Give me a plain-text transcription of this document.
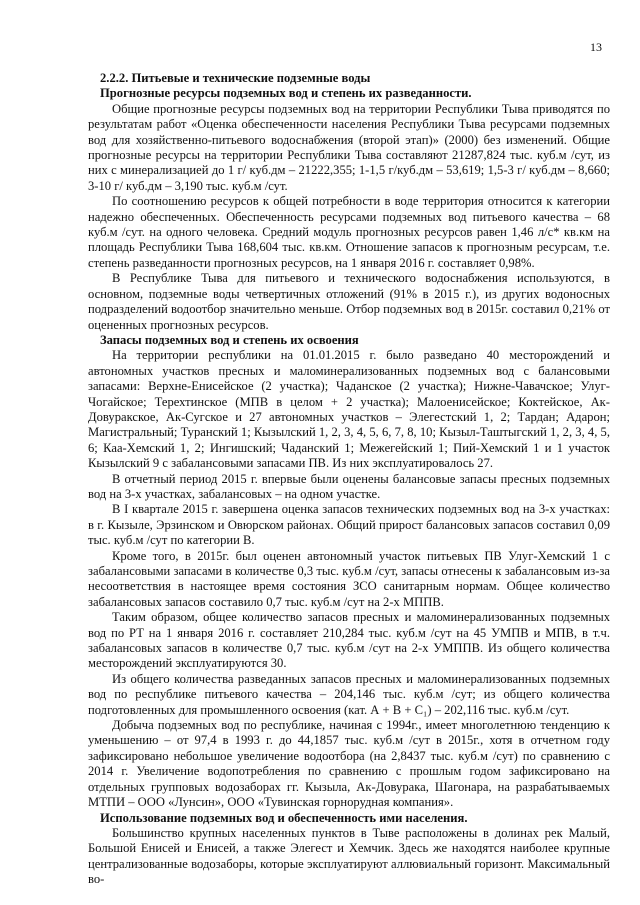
13
2.2.2. Питьевые и технические подземные воды
Прогнозные ресурсы подземных вод и степень их разведанности.

Общие прогнозные ресурсы подземных вод на территории Республики Тыва приводятся по результатам работ «Оценка обеспеченности населения Республики Тыва ресурсами подземных вод для хозяйственно-питьевого водоснабжения (второй этап)» (2000) без изменений. Общие прогнозные ресурсы на территории Республики Тыва составляют 21287,824 тыс. куб.м /сут, из них с минерализацией до 1 г/ куб.дм – 21222,355; 1-1,5 г/куб.дм – 53,619; 1,5-3 г/ куб.дм – 8,660; 3-10 г/ куб.дм – 3,190 тыс. куб.м /сут.

По соотношению ресурсов к общей потребности в воде территория относится к категории надежно обеспеченных. Обеспеченность ресурсами подземных вод питьевого качества – 68 куб.м /сут. на одного человека. Средний модуль прогнозных ресурсов равен 1,46 л/с* кв.км на площадь Республики Тыва 168,604 тыс. кв.км. Отношение запасов к прогнозным ресурсам, т.е. степень разведанности прогнозных ресурсов, на 1 января 2016 г. составляет 0,98%.

В Республике Тыва для питьевого и технического водоснабжения используются, в основном, подземные воды четвертичных отложений (91% в 2015 г.), из других водоносных подразделений водоотбор значительно меньше. Отбор подземных вод в 2015г. составил 0,21% от оцененных прогнозных ресурсов.

Запасы подземных вод и степень их освоения

На территории республики на 01.01.2015 г. было разведано 40 месторождений и автономных участков пресных и маломинерализованных подземных вод с балансовыми запасами: Верхне-Енисейское (2 участка); Чаданское (2 участка); Нижне-Чавачское; Улуг-Чогайское; Терехтинское (МПВ в целом + 2 участка); Малоенисейское; Коктейское, Ак-Довуракское, Ак-Сугское и 27 автономных участков – Элегестский 1, 2; Тардан; Адарон; Магистральный; Туранский 1; Кызылский 1, 2, 3, 4, 5, 6, 7, 8, 10; Кызыл-Таштыгский 1, 2, 3, 4, 5, 6; Каа-Хемский 1, 2; Ингишский; Чаданский 1; Межегейский 1; Пий-Хемский 1 и 1 участок Кызылский 9 с забалансовыми запасами ПВ. Из них эксплуатировалось 27.

В отчетный период 2015 г. впервые были оценены балансовые запасы пресных подземных вод на 3-х участках, забалансовых – на одном участке.

В I квартале 2015 г. завершена оценка запасов технических подземных вод на 3-х участках: в г. Кызыле, Эрзинском и Овюрском районах. Общий прирост балансовых запасов составил 0,09 тыс. куб.м /сут по категории В.

Кроме того, в 2015г. был оценен автономный участок питьевых ПВ Улуг-Хемский 1 с забалансовыми запасами в количестве 0,3 тыс. куб.м /сут, запасы отнесены к забалансовым из-за несоответствия в настоящее время состояния ЗСО санитарным нормам. Общее количество забалансовых запасов составило 0,7 тыс. куб.м /сут на 2-х МППВ.

Таким образом, общее количество запасов пресных и маломинерализованных подземных вод по РТ на 1 января 2016 г. составляет 210,284 тыс. куб.м /сут на 45 УМПВ и МПВ, в т.ч. забалансовых запасов в количестве 0,7 тыс. куб.м /сут на 2-х УМППВ. Из общего количества месторождений эксплуатируются 30.

Из общего количества разведанных запасов пресных и маломинерализованных подземных вод по республике питьевого качества – 204,146 тыс. куб.м /сут; из общего количества подготовленных для промышленного освоения (кат. А + В + С₁) – 202,116 тыс. куб.м /сут.

Добыча подземных вод по республике, начиная с 1994г., имеет многолетнюю тенденцию к уменьшению – от 97,4 в 1993 г. до 44,1857 тыс. куб.м /сут в 2015г., хотя в отчетном году зафиксировано небольшое увеличение водоотбора (на 2,8437 тыс. куб.м /сут) по сравнению с 2014 г. Увеличение водопотребления по сравнению с прошлым годом зафиксировано на отдельных групповых водозаборах гг. Кызыла, Ак-Довурака, Шагонара, на разрабатываемых МТПИ – ООО «Лунсин», ООО «Тувинская горнорудная компания».

Использование подземных вод и обеспеченность ими населения.

Большинство крупных населенных пунктов в Тыве расположены в долинах рек Малый, Большой Енисей и Енисей, а также Элегест и Хемчик. Здесь же находятся наиболее крупные централизованные водозаборы, которые эксплуатируют аллювиальный горизонт. Максимальный во-
